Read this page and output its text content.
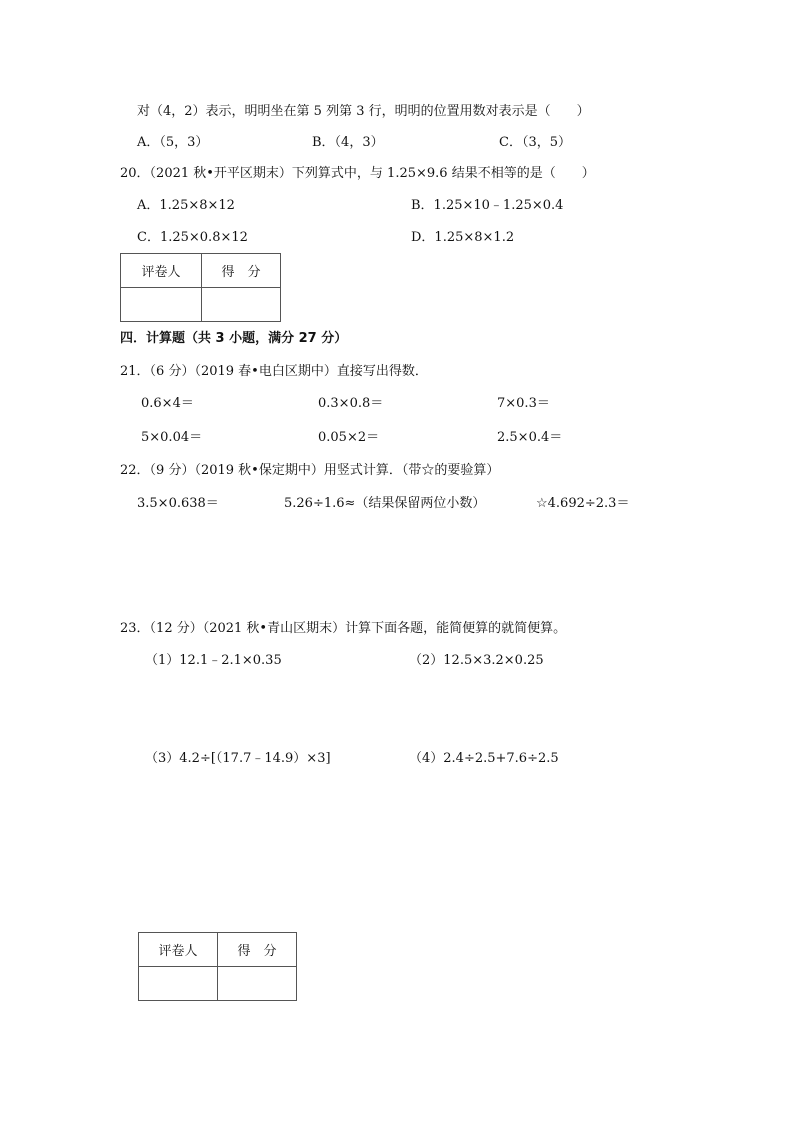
对（4，2）表示，明明坐在第 5 列第 3 行，明明的位置用数对表示是（　　）
A．（5，3）	B．（4，3）	C．（3，5）
20．（2021 秋•开平区期末）下列算式中，与 1.25×9.6 结果不相等的是（　　）
A．1.25×8×12	B．1.25×10﹣1.25×0.4
C．1.25×0.8×12	D．1.25×8×1.2
评卷人	得　分

四．计算题（共 3 小题，满分 27 分）
21．（6 分）（2019 春•电白区期中）直接写出得数．
0.6×4＝	0.3×0.8＝	7×0.3＝
5×0.04＝	0.05×2＝	2.5×0.4＝
22．（9 分）（2019 秋•保定期中）用竖式计算．（带☆的要验算）
3.5×0.638＝	5.26÷1.6≈（结果保留两位小数）	☆4.692÷2.3＝
23．（12 分）（2021 秋•青山区期末）计算下面各题，能简便算的就简便算。
（1）12.1﹣2.1×0.35	（2）12.5×3.2×0.25
（3）4.2÷[（17.7﹣14.9）×3]	（4）2.4÷2.5+7.6÷2.5
评卷人	得　分
